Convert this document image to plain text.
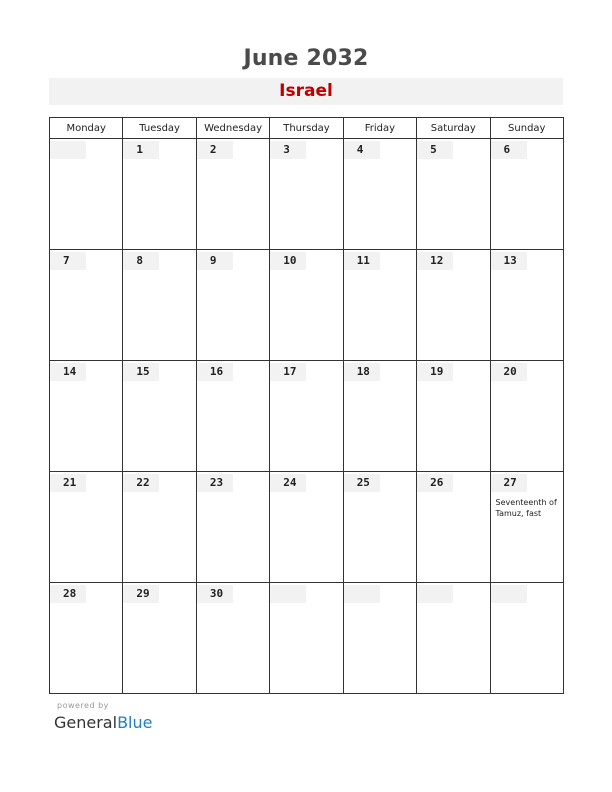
June 2032
Israel
Monday	Tuesday	Wednesday	Thursday	Friday	Saturday	Sunday

	1	2	3	4	5	6

7	8	9	10	11	12	13

14	15	16	17	18	19	20

21	22	23	24	25	26	27
Seventeenth of Tamuz, fast

28	29	30				

powered by
GeneralBlue
